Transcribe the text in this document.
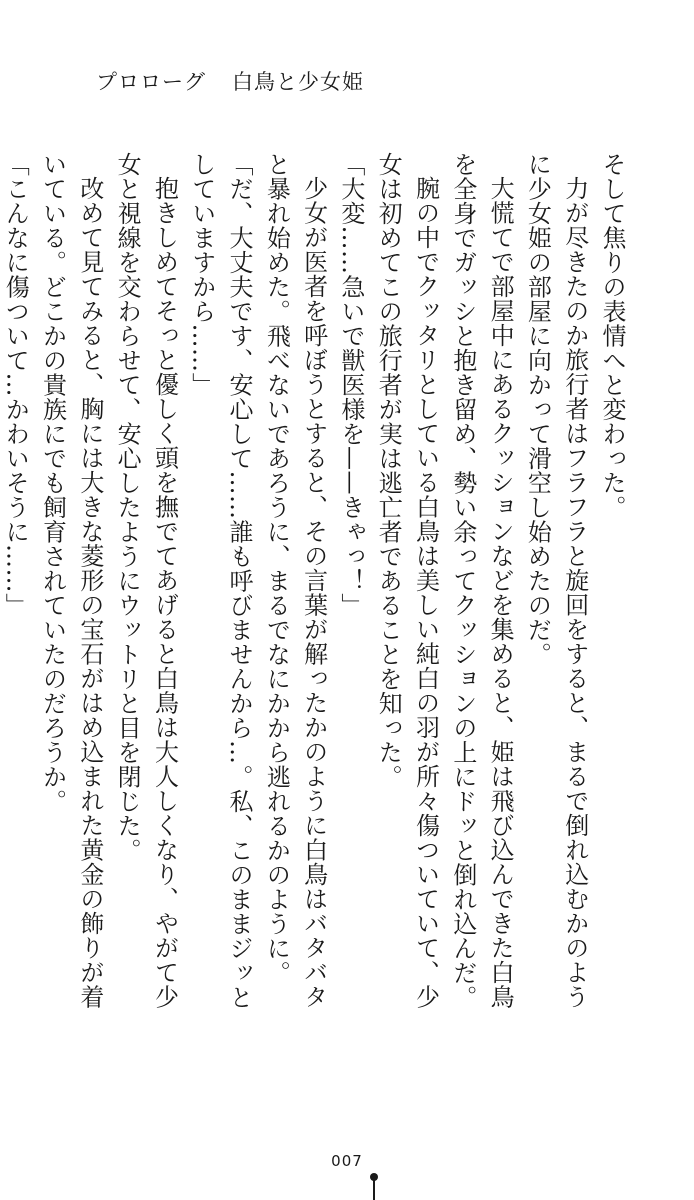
プロローグ 白鳥と少女姫

そして焦りの表情へと変わった。

力が尽きたのか旅行者はフラフラと旋回をすると、まるで倒れ込むかのように少女姫の部屋に向かって滑空し始めたのだ。

大慌てで部屋中にあるクッションなどを集めると、姫は飛び込んできた白鳥を全身でガッシと抱き留め、勢い余ってクッションの上にドッと倒れ込んだ。

腕の中でクッタリとしている白鳥は美しい純白の羽が所々傷ついていて、少女は初めてこの旅行者が実は逃亡者であることを知った。

「大変……急いで獣医様を——きゃっ！」

少女が医者を呼ぼうとすると、その言葉が解ったかのように白鳥はバタバタと暴れ始めた。飛べないであろうに、まるでなにかから逃れるかのように。

「だ、大丈夫です、安心して……誰も呼びませんから…。私、このままジッとしていますから……」

抱きしめてそっと優しく頭を撫でてあげると白鳥は大人しくなり、やがて少女と視線を交わらせて、安心したようにウットリと目を閉じた。

改めて見てみると、胸には大きな菱形の宝石がはめ込まれた黄金の飾りが着いている。どこかの貴族にでも飼育されていたのだろうか。

「こんなに傷ついて…かわいそうに……」

007
